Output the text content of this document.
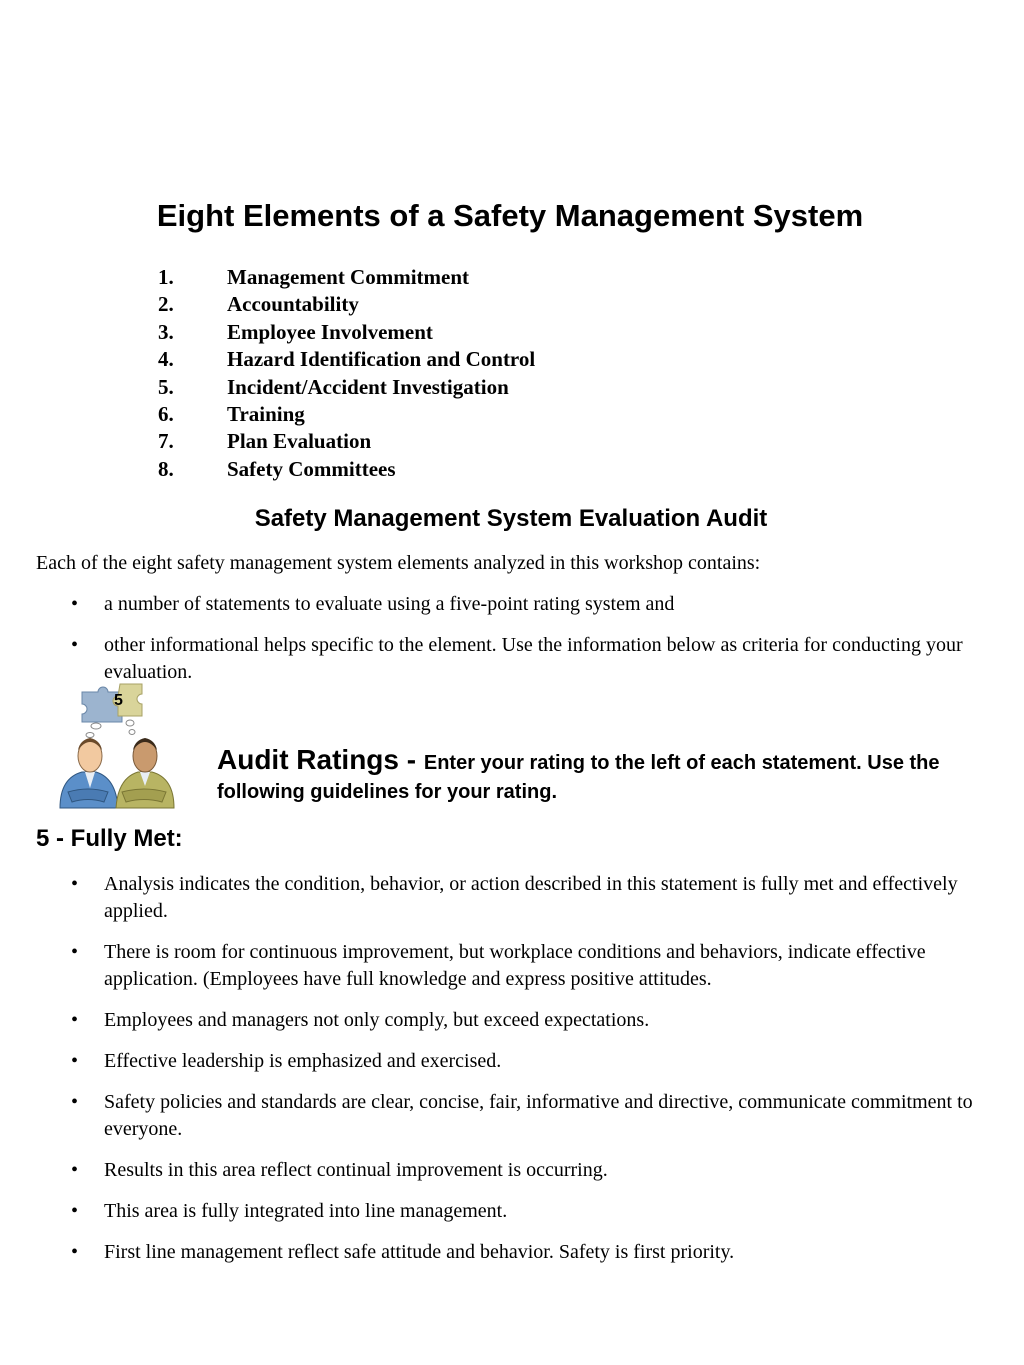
Eight Elements of a Safety Management System
1.	Management Commitment
2.	Accountability
3.	Employee Involvement
4.	Hazard Identification and Control
5.	Incident/Accident Investigation
6.	Training
7.	Plan Evaluation
8.	Safety Committees
Safety Management System Evaluation Audit

Each of the eight safety management system elements analyzed in this workshop contains:

• a number of statements to evaluate using a five-point rating system and
• other informational helps specific to the element. Use the information below as criteria for conducting your evaluation.
5

Audit Ratings - Enter your rating to the left of each statement. Use the following guidelines for your rating.

5 - Fully Met:
• Analysis indicates the condition, behavior, or action described in this statement is fully met and effectively applied.
• There is room for continuous improvement, but workplace conditions and behaviors, indicate effective application. (Employees have full knowledge and express positive attitudes.
• Employees and managers not only comply, but exceed expectations.
• Effective leadership is emphasized and exercised.
• Safety policies and standards are clear, concise, fair, informative and directive, communicate commitment to everyone.
• Results in this area reflect continual improvement is occurring.
• This area is fully integrated into line management.
• First line management reflect safe attitude and behavior. Safety is first priority.
